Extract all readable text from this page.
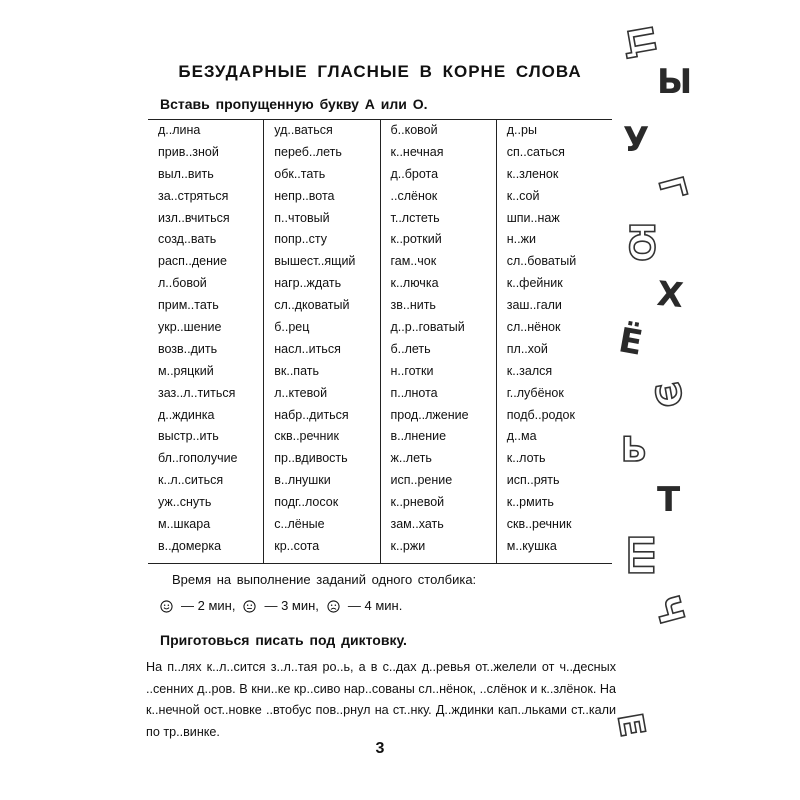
БЕЗУДАРНЫЕ ГЛАСНЫЕ В КОРНЕ СЛОВА
Вставь пропущенную букву А или О.
д..лина
прив..зной
выл..вить
за..стряться
изл..вчиться
созд..вать
расп..дение
л..бовой
прим..тать
укр..шение
возв..дить
м..ряцкий
заз..л..титься
д..ждинка
выстр..ить
бл..гополучие
к..л..ситься
уж..снуть
м..шкара
в..домерка
уд..ваться
переб..леть
обк..тать
непр..вота
п..чтовый
попр..сту
вышест..ящий
нагр..ждать
сл..дковатый
б..рец
насл..иться
вк..пать
л..ктевой
набр..диться
скв..речник
пр..вдивость
в..лнушки
подг..лосок
с..лёные
кр..сота
б..ковой
к..нечная
д..брота
..слёнок
т..лстеть
к..роткий
гам..чок
к..лючка
зв..нить
д..р..говатый
б..леть
н..готки
п..лнота
прод..лжение
в..лнение
ж..леть
исп..рение
к..рневой
зам..хать
к..ржи
д..ры
сп..саться
к..зленок
к..сой
шпи..наж
н..жи
сл..боватый
к..фейник
заш..гали
сл..нёнок
пл..хой
к..зался
г..лубёнок
подб..родок
д..ма
к..лоть
исп..рять
к..рмить
скв..речник
м..кушка
Время на выполнение заданий одного столбика:
— 2 мин,	— 3 мин,	— 4 мин.
Приготовься писать под диктовку.
На п..лях к..л..сится з..л..тая ро..ь, а в с..дах д..ревья от..желели от ч..десных ..сенних д..ров. В кни..ке кр..сиво нар..сованы сл..нёнок, ..слёнок и к..злёнок. На к..нечной ост..новке ..втобус пов..рнул на ст..нку. Д..ждинки кап..льками ст..кали по тр..винке.
3
Ц
Ы
У
Г
Ю
Х
Ё
Э
Ь
Т
Ш
Ч
Е
